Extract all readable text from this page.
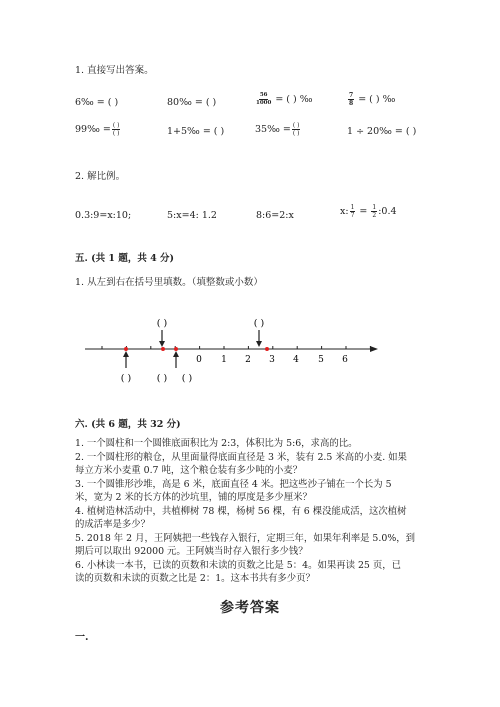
1. 直接写出答案。
6‰ = ( )	80‰ = ( )	$\frac{56}{1000}$ = ( ) ‰	$\frac{7}{8}$ = ( ) ‰
99‰ = $\frac{( )}{( )}$	1+5‰ = ( )	35‰ = $\frac{( )}{( )}$	1 ÷ 20‰ = ( )
2. 解比例。
0.3:9=x:10;	5:x=4: 1.2	8:6=2:x	x: $\frac{1}{7} = \frac{1}{2}$ :0.4
五. (共 1 题，共 4 分)
1. 从左到右在括号里填数。（填整数或小数）
0 1 2 3 4 5 6
( )	( )
( )	( ) ( )
六. (共 6 题，共 32 分)

1. 一个圆柱和一个圆锥底面积比为 2:3，体积比为 5:6，求高的比。

2. 一个圆柱形的粮仓，从里面量得底面直径是 3 米，装有 2.5 米高的小麦. 如果

每立方米小麦重 0.7 吨，这个粮仓装有多少吨的小麦？

3. 一个圆锥形沙堆，高是 6 米，底面直径 4 米。把这些沙子铺在一个长为 5

米，宽为 2 米的长方体的沙坑里，铺的厚度是多少厘米？

4. 植树造林活动中，共植柳树 78 棵，杨树 56 棵，有 6 棵没能成活，这次植树

的成活率是多少？

5. 2018 年 2 月，王阿姨把一些钱存入银行，定期三年，如果年利率是 5.0%，到

期后可以取出 92000 元。王阿姨当时存入银行多少钱？

6. 小林读一本书，已读的页数和未读的页数之比是 5：4。如果再读 25 页，已

读的页数和未读的页数之比是 2：1。这本书共有多少页？

参考答案
一.
